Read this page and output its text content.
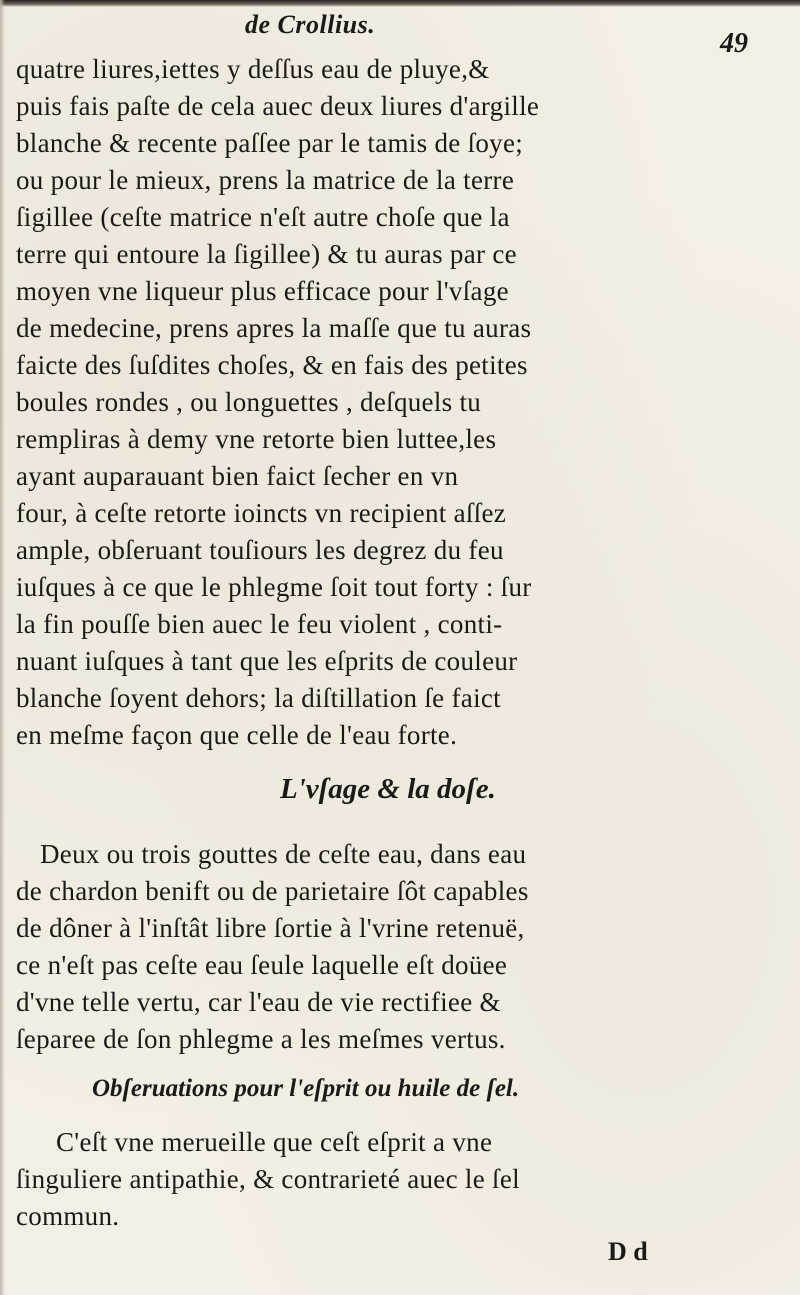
de Crollius.
49
quatre liures,iettes y deſſus eau de pluye,&
puis fais paſte de cela auec deux liures d'argille
blanche & recente paſſee par le tamis de ſoye;
ou pour le mieux, prens la matrice de la terre
ſigillee (ceſte matrice n'eſt autre choſe que la
terre qui entoure la ſigillee) & tu auras par ce
moyen vne liqueur plus efficace pour l'vſage
de medecine, prens apres la maſſe que tu auras
faicte des ſuſdites choſes, & en fais des petites
boules rondes , ou longuettes , deſquels tu
rempliras à demy vne retorte bien luttee,les
ayant auparauant bien faict ſecher en vn
four, à ceſte retorte ioincts vn recipient aſſez
ample, obſeruant touſiours les degrez du feu
iuſques à ce que le phlegme ſoit tout forty : ſur
la fin pouſſe bien auec le feu violent , conti-
nuant iuſques à tant que les eſprits de couleur
blanche ſoyent dehors; la diſtillation ſe faict
en meſme façon que celle de l'eau forte.
L'vſage & la doſe.
Deux ou trois gouttes de ceſte eau, dans eau
de chardon benift ou de parietaire ſôt capables
de dôner à l'inſtât libre ſortie à l'vrine retenuë,
ce n'eſt pas ceſte eau ſeule laquelle eſt doüee
d'vne telle vertu, car l'eau de vie rectifiee &
ſeparee de ſon phlegme a les meſmes vertus.
Obſeruations pour l'eſprit ou huile de ſel.
C'eſt vne merueille que ceſt eſprit a vne
ſinguliere antipathie, & contrarieté auec le ſel
commun.
D d
